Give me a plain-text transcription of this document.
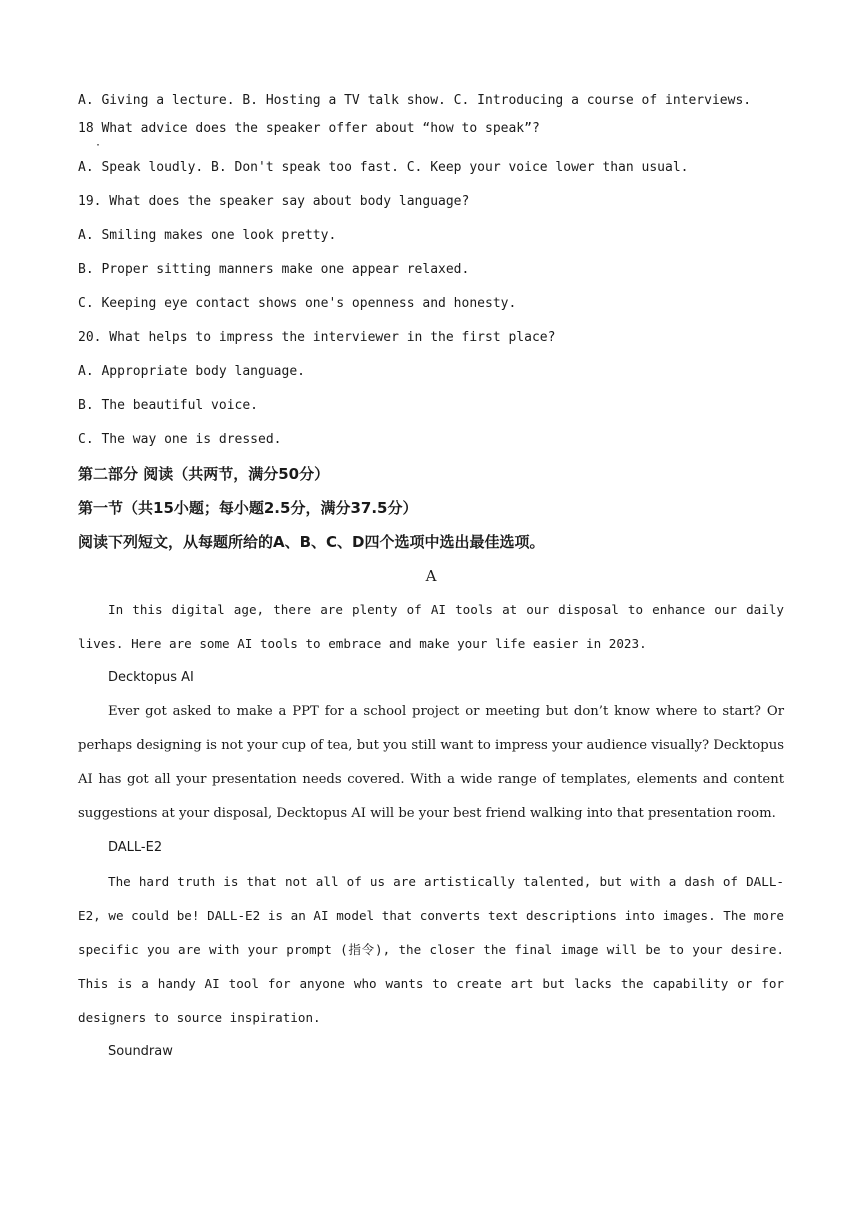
A. Giving a lecture. B. Hosting a TV talk show. C. Introducing a course of interviews.

18 What advice does the speaker offer about “how to speak”?

·

A. Speak loudly. B. Don't speak too fast. C. Keep your voice lower than usual.

19. What does the speaker say about body language?

A. Smiling makes one look pretty.

B. Proper sitting manners make one appear relaxed.

C. Keeping eye contact shows one's openness and honesty.

20. What helps to impress the interviewer in the first place?

A. Appropriate body language.

B. The beautiful voice.

C. The way one is dressed.

第二部分 阅读（共两节，满分50分）

第一节（共15小题；每小题2.5分，满分37.5分）

阅读下列短文，从每题所给的A、B、C、D四个选项中选出最佳选项。

A

In this digital age, there are plenty of AI tools at our disposal to enhance our daily lives. Here are some AI tools to embrace and make your life easier in 2023.

Decktopus AI

Ever got asked to make a PPT for a school project or meeting but don’t know where to start? Or perhaps designing is not your cup of tea, but you still want to impress your audience visually? Decktopus AI has got all your presentation needs covered. With a wide range of templates, elements and content suggestions at your disposal, Decktopus AI will be your best friend walking into that presentation room.

DALL-E2

The hard truth is that not all of us are artistically talented, but with a dash of DALL-E2, we could be! DALL-E2 is an AI model that converts text descriptions into images. The more specific you are with your prompt (指令), the closer the final image will be to your desire. This is a handy AI tool for anyone who wants to create art but lacks the capability or for designers to source inspiration.

Soundraw
